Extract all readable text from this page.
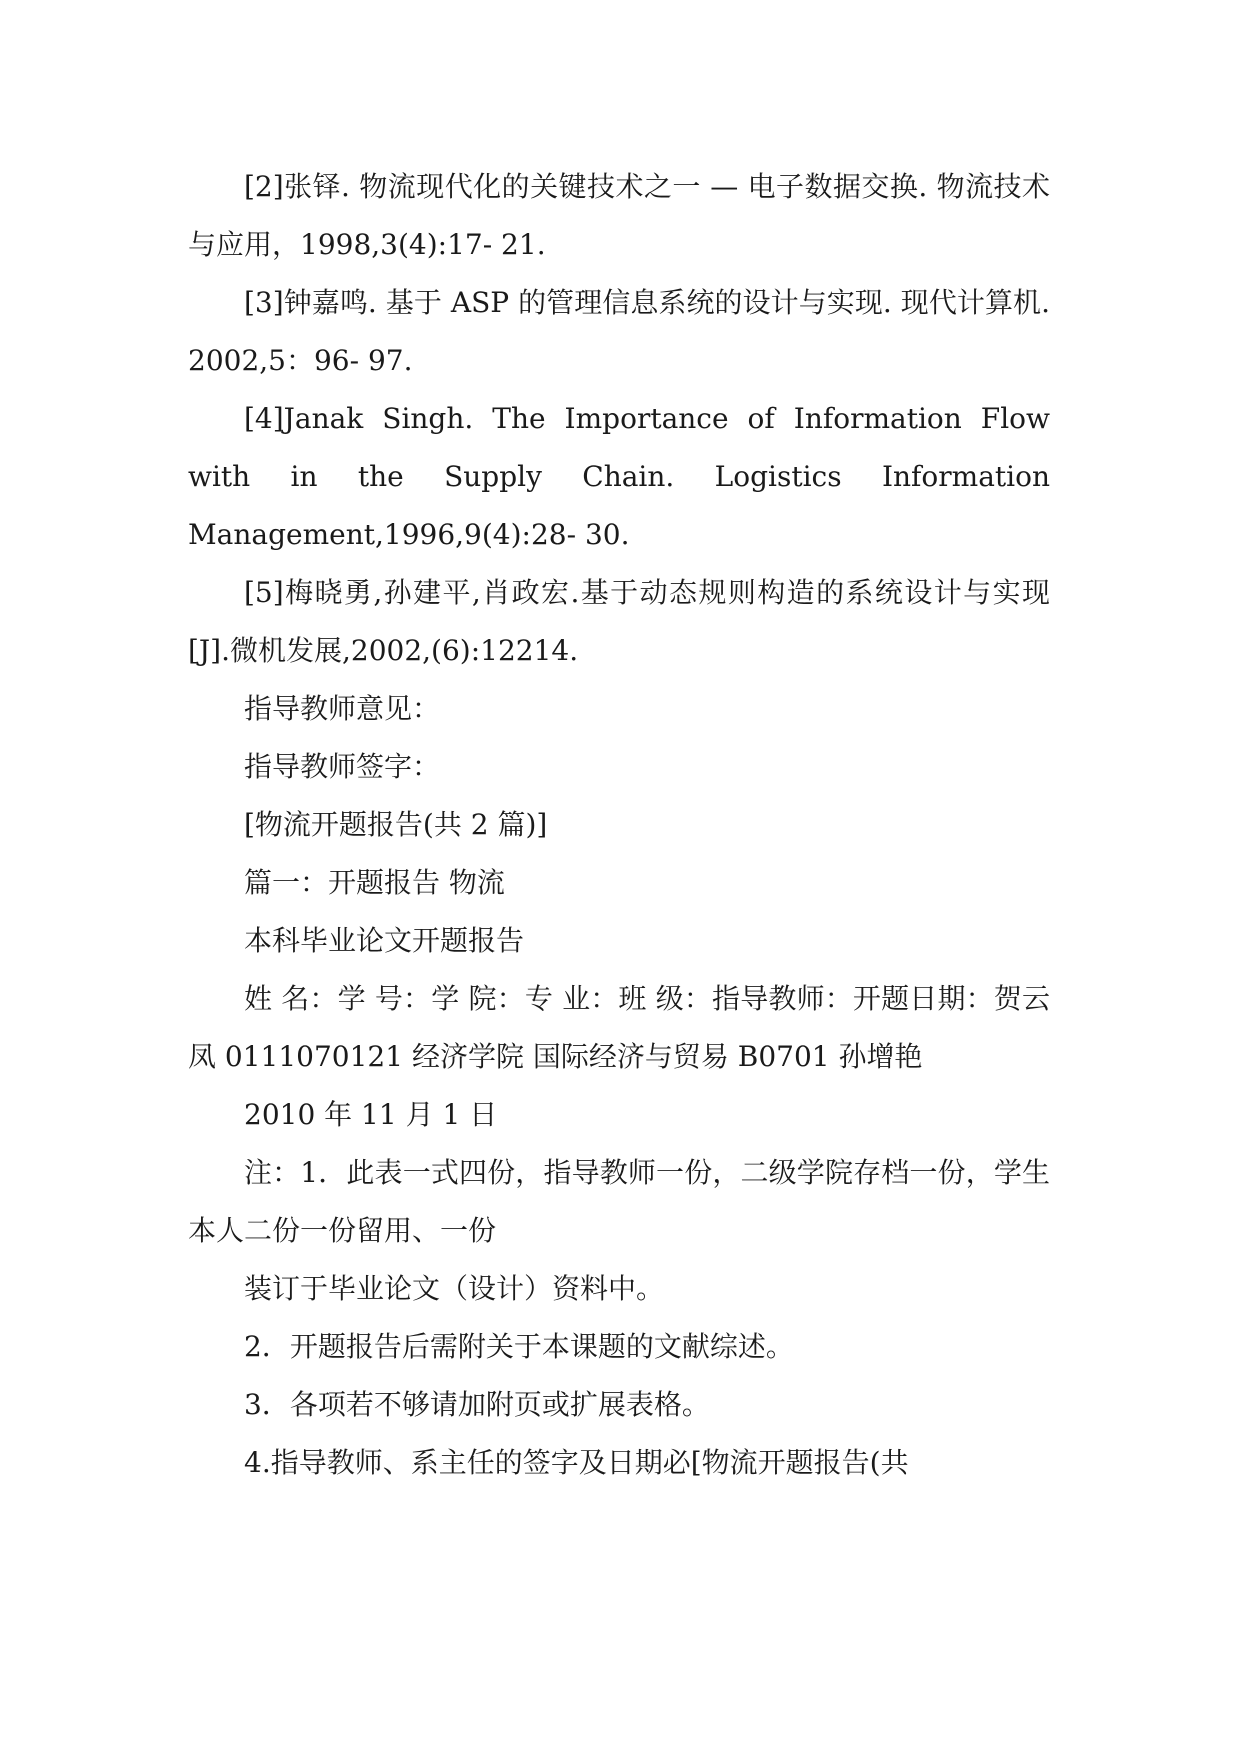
[2]张铎. 物流现代化的关键技术之一 — 电子数据交换. 物流技术与应用，1998,3(4):17- 21.

[3]钟嘉鸣. 基于 ASP 的管理信息系统的设计与实现. 现代计算机. 2002,5：96- 97.

[4]Janak Singh. The Importance of Information Flow with in the Supply Chain. Logistics Information Management,1996,9(4):28- 30.

[5]梅晓勇,孙建平,肖政宏.基于动态规则构造的系统设计与实现[J].微机发展,2002,(6):12214.

指导教师意见：

指导教师签字：

[物流开题报告(共 2 篇)]

篇一：开题报告 物流

本科毕业论文开题报告

姓 名：学 号：学 院：专 业：班 级：指导教师：开题日期：贺云凤 0111070121 经济学院 国际经济与贸易 B0701 孙增艳

2010 年 11 月 1 日

注：1．此表一式四份，指导教师一份，二级学院存档一份，学生本人二份一份留用、一份

装订于毕业论文（设计）资料中。

2．开题报告后需附关于本课题的文献综述。

3．各项若不够请加附页或扩展表格。

4.指导教师、系主任的签字及日期必[物流开题报告(共
